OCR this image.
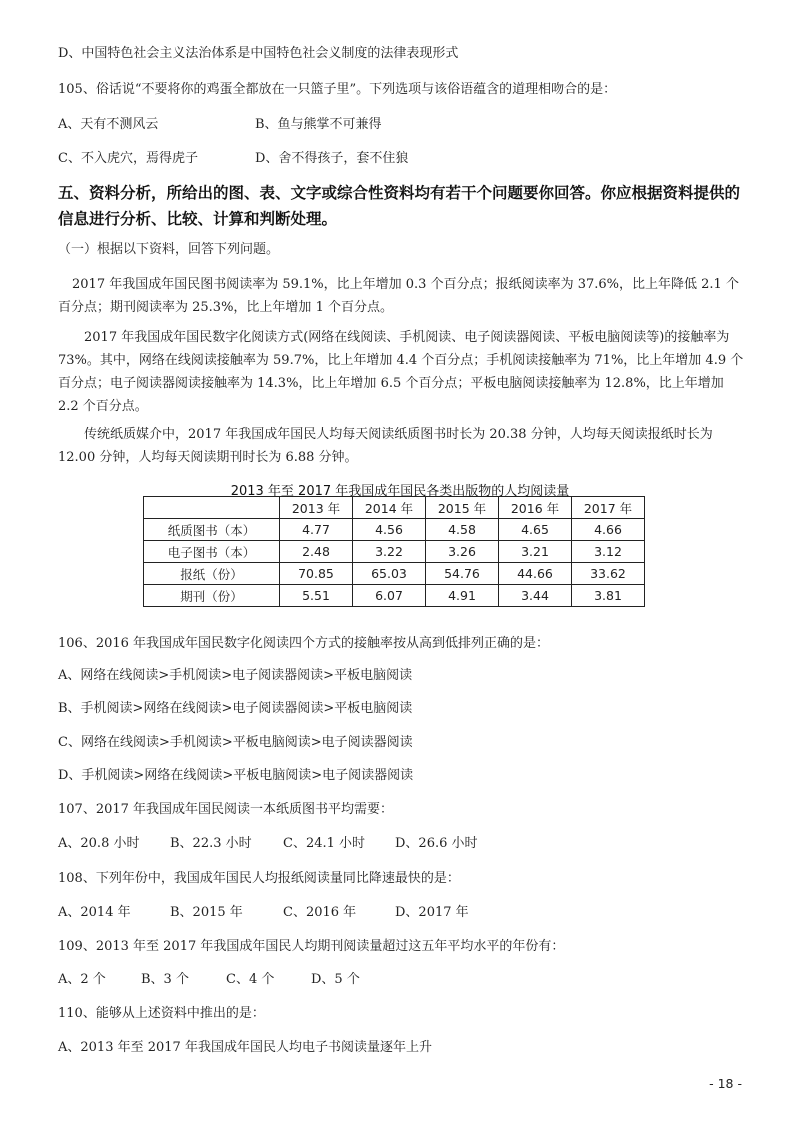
D、中国特色社会主义法治体系是中国特色社会义制度的法律表现形式
105、俗话说“不要将你的鸡蛋全都放在一只篮子里”。下列选项与该俗语蕴含的道理相吻合的是：
A、天有不测风云	B、鱼与熊掌不可兼得
C、不入虎穴，焉得虎子	D、舍不得孩子，套不住狼
五、资料分析，所给出的图、表、文字或综合性资料均有若干个问题要你回答。你应根据资料提供的信息进行分析、比较、计算和判断处理。
（一）根据以下资料，回答下列问题。

2017 年我国成年国民图书阅读率为 59.1%，比上年增加 0.3 个百分点；报纸阅读率为 37.6%，比上年降低 2.1 个百分点；期刊阅读率为 25.3%，比上年增加 1 个百分点。

2017 年我国成年国民数字化阅读方式(网络在线阅读、手机阅读、电子阅读器阅读、平板电脑阅读等)的接触率为 73%。其中，网络在线阅读接触率为 59.7%，比上年增加 4.4 个百分点；手机阅读接触率为 71%，比上年增加 4.9 个百分点；电子阅读器阅读接触率为 14.3%，比上年增加 6.5 个百分点；平板电脑阅读接触率为 12.8%，比上年增加 2.2 个百分点。

传统纸质媒介中，2017 年我国成年国民人均每天阅读纸质图书时长为 20.38 分钟，人均每天阅读报纸时长为 12.00 分钟，人均每天阅读期刊时长为 6.88 分钟。

2013 年至 2017 年我国成年国民各类出版物的人均阅读量
	2013 年	2014 年	2015 年	2016 年	2017 年
纸质图书（本）	4.77	4.56	4.58	4.65	4.66
电子图书（本）	2.48	3.22	3.26	3.21	3.12
报纸（份）	70.85	65.03	54.76	44.66	33.62
期刊（份）	5.51	6.07	4.91	3.44	3.81
106、2016 年我国成年国民数字化阅读四个方式的接触率按从高到低排列正确的是：
A、网络在线阅读>手机阅读>电子阅读器阅读>平板电脑阅读
B、手机阅读>网络在线阅读>电子阅读器阅读>平板电脑阅读
C、网络在线阅读>手机阅读>平板电脑阅读>电子阅读器阅读
D、手机阅读>网络在线阅读>平板电脑阅读>电子阅读器阅读
107、2017 年我国成年国民阅读一本纸质图书平均需要：
A、20.8 小时 B、22.3 小时 C、24.1 小时 D、26.6 小时
108、下列年份中，我国成年国民人均报纸阅读量同比降速最快的是：
A、2014 年	B、2015 年	C、2016 年	D、2017 年
109、2013 年至 2017 年我国成年国民人均期刊阅读量超过这五年平均水平的年份有：
A、2 个	B、3 个	C、4 个	D、5 个
110、能够从上述资料中推出的是：
A、2013 年至 2017 年我国成年国民人均电子书阅读量逐年上升
- 18 -
